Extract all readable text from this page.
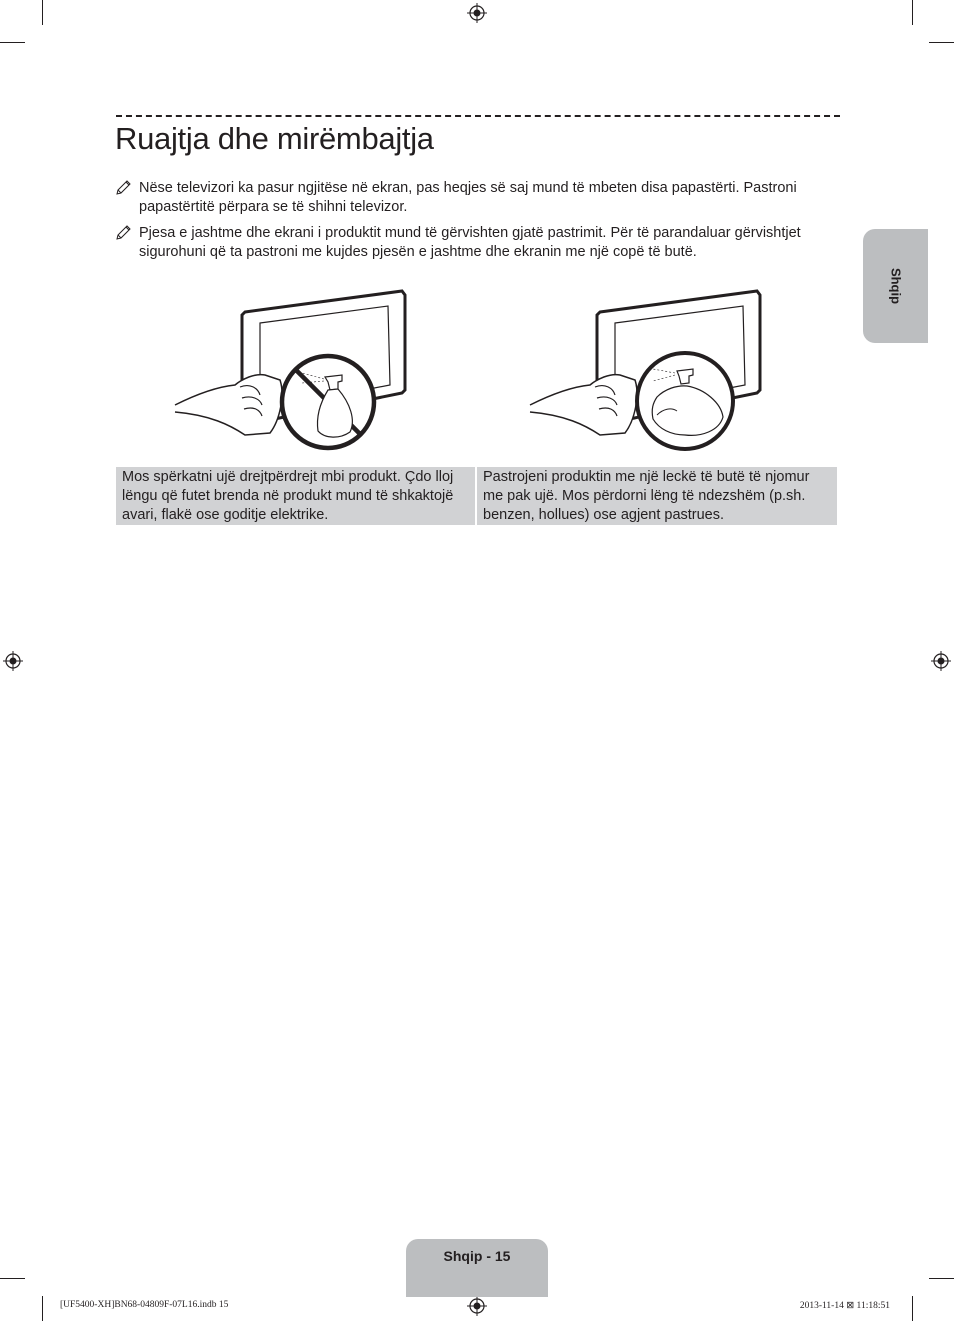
Ruajtja dhe mirëmbajtja
Nëse televizori ka pasur ngjitëse në ekran, pas heqjes së saj mund të mbeten disa papastërti. Pastroni papastërtitë përpara se të shihni televizor.
Pjesa e jashtme dhe ekrani i produktit mund të gërvishten gjatë pastrimit. Për të parandaluar gërvishtjet sigurohuni që ta pastroni me kujdes pjesën e jashtme dhe ekranin me një copë të butë.
Mos spërkatni ujë drejtpërdrejt mbi produkt. Çdo lloj lëngu që futet brenda në produkt mund të shkaktojë avari, flakë ose goditje elektrike.
Pastrojeni produktin me një leckë të butë të njomur me pak ujë. Mos përdorni lëng të ndezshëm (p.sh. benzen, hollues) ose agjent pastrues.
Shqip
Shqip - 15
[UF5400-XH]BN68-04809F-07L16.indb 15	2013-11-14 ⊠ 11:18:51
